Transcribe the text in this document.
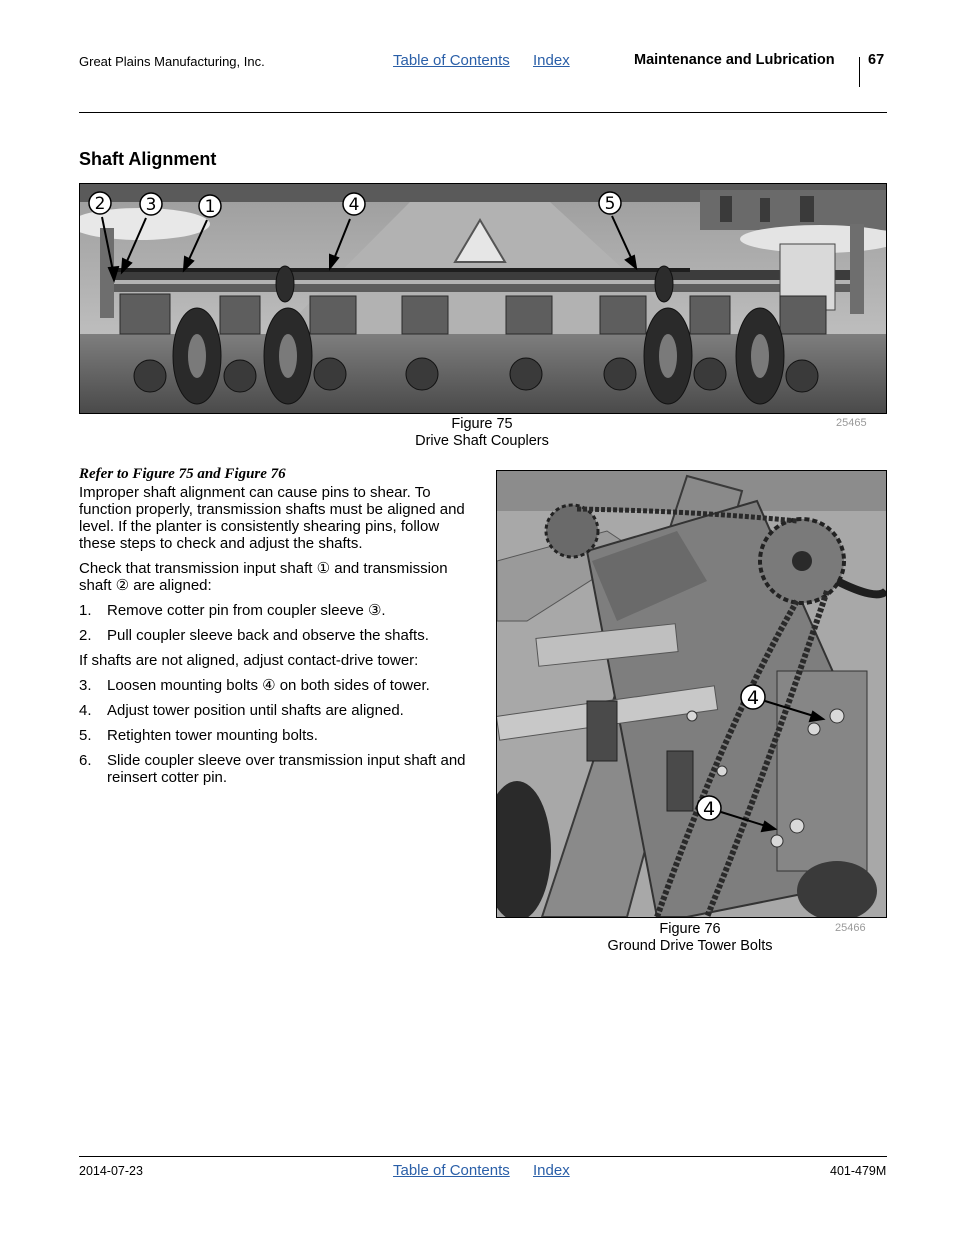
Great Plains Manufacturing, Inc.	Table of Contents Index	Maintenance and Lubrication 67
Shaft Alignment
2 3	1	4	5
Figure 75
Drive Shaft Couplers
25465

Refer to Figure 75 and Figure 76

Improper shaft alignment can cause pins to shear. To function properly, transmission shafts must be aligned and level. If the planter is consistently shearing pins, follow these steps to check and adjust the shafts.

Check that transmission input shaft ① and transmission shaft ② are aligned:

1.	Remove cotter pin from coupler sleeve ③.
2.	Pull coupler sleeve back and observe the shafts.

If shafts are not aligned, adjust contact-drive tower:

3.	Loosen mounting bolts ④ on both sides of tower.
4.	Adjust tower position until shafts are aligned.
5.	Retighten tower mounting bolts.
6.	Slide coupler sleeve over transmission input shaft and reinsert cotter pin.
4
4
Figure 76
Ground Drive Tower Bolts
25466
2014-07-23	Table of Contents Index	401-479M
